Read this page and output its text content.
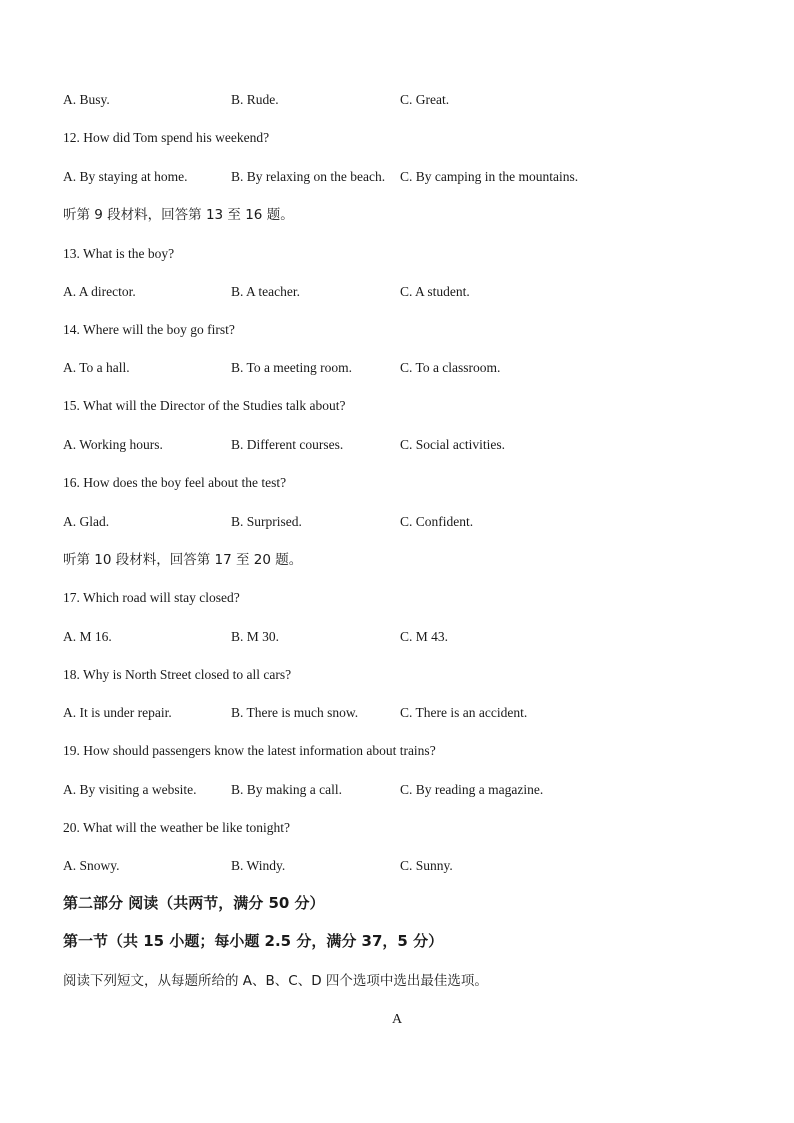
A. Busy.	B. Rude.	C. Great.
12. How did Tom spend his weekend?
A. By staying at home.	B. By relaxing on the beach. C. By camping in the mountains.
听第 9 段材料，回答第 13 至 16 题。
13. What is the boy?
A. A director.	B. A teacher.	C. A student.
14. Where will the boy go first?
A. To a hall.	B. To a meeting room.	C. To a classroom.
15. What will the Director of the Studies talk about?
A. Working hours.	B. Different courses.	C. Social activities.
16. How does the boy feel about the test?
A. Glad.	B. Surprised.	C. Confident.
听第 10 段材料，回答第 17 至 20 题。
17. Which road will stay closed?
A. M 16.	B. M 30.	C. M 43.
18. Why is North Street closed to all cars?
A. It is under repair.	B. There is much snow.	C. There is an accident.
19. How should passengers know the latest information about trains?
A. By visiting a website.	B. By making a call.	C. By reading a magazine.
20. What will the weather be like tonight?
A. Snowy.	B. Windy.	C. Sunny.
第二部分 阅读（共两节，满分 50 分）
第一节（共 15 小题；每小题 2.5 分，满分 37，5 分）
阅读下列短文，从每题所给的 A、B、C、D 四个选项中选出最佳选项。
A
